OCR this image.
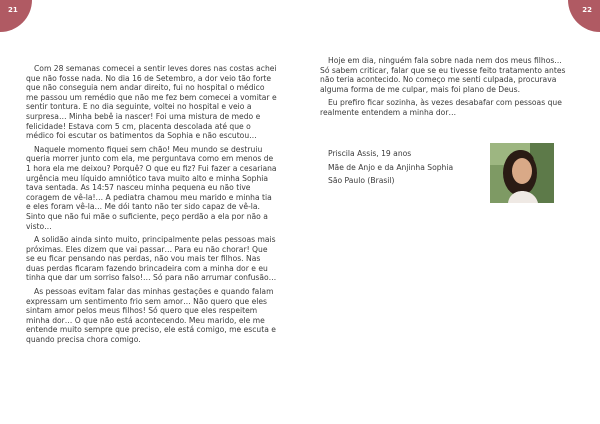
21	22

Com 28 semanas comecei a sentir leves dores nas costas achei que não fosse nada. No dia 16 de Setembro, a dor veio tão forte que não conseguia nem andar direito, fui no hospital o médico me passou um remédio que não me fez bem comecei a vomitar e sentir tontura. E no dia seguinte, voltei no hospital e veio a surpresa… Minha bebê ia nascer! Foi uma mistura de medo e felicidade! Estava com 5 cm, placenta descolada até que o médico foi escutar os batimentos da Sophia e não escutou…

Naquele momento fiquei sem chão! Meu mundo se destruiu queria morrer junto com ela, me perguntava como em menos de 1 hora ela me deixou? Porquê? O que eu fiz? Fui fazer a cesariana urgência meu líquido amniótico tava muito alto e minha Sophia tava sentada. As 14:57 nasceu minha pequena eu não tive coragem de vê-la!… A pediatra chamou meu marido e minha tia e eles foram vê-la… Me dói tanto não ter sido capaz de vê-la. Sinto que não fui mãe o suficiente, peço perdão a ela por não a visto…

A solidão ainda sinto muito, principalmente pelas pessoas mais próximas. Eles dizem que vai passar… Para eu não chorar! Que se eu ficar pensando nas perdas, não vou mais ter filhos. Nas duas perdas ficaram fazendo brincadeira com a minha dor e eu tinha que dar um sorriso falso!… Só para não arrumar confusão…

As pessoas evitam falar das minhas gestações e quando falam expressam um sentimento frio sem amor… Não quero que eles sintam amor pelos meus filhos! Só quero que eles respeitem minha dor… O que não está acontecendo. Meu marido, ele me entende muito sempre que preciso, ele está comigo, me escuta e quando precisa chora comigo.

Hoje em dia, ninguém fala sobre nada nem dos meus filhos… Só sabem criticar, falar que se eu tivesse feito tratamento antes não teria acontecido. No começo me senti culpada, procurava alguma forma de me culpar, mais foi plano de Deus.

Eu prefiro ficar sozinha, às vezes desabafar com pessoas que realmente entendem a minha dor…

Priscila Assis, 19 anos
Mãe de Anjo e da Anjinha Sophia
São Paulo (Brasil)
